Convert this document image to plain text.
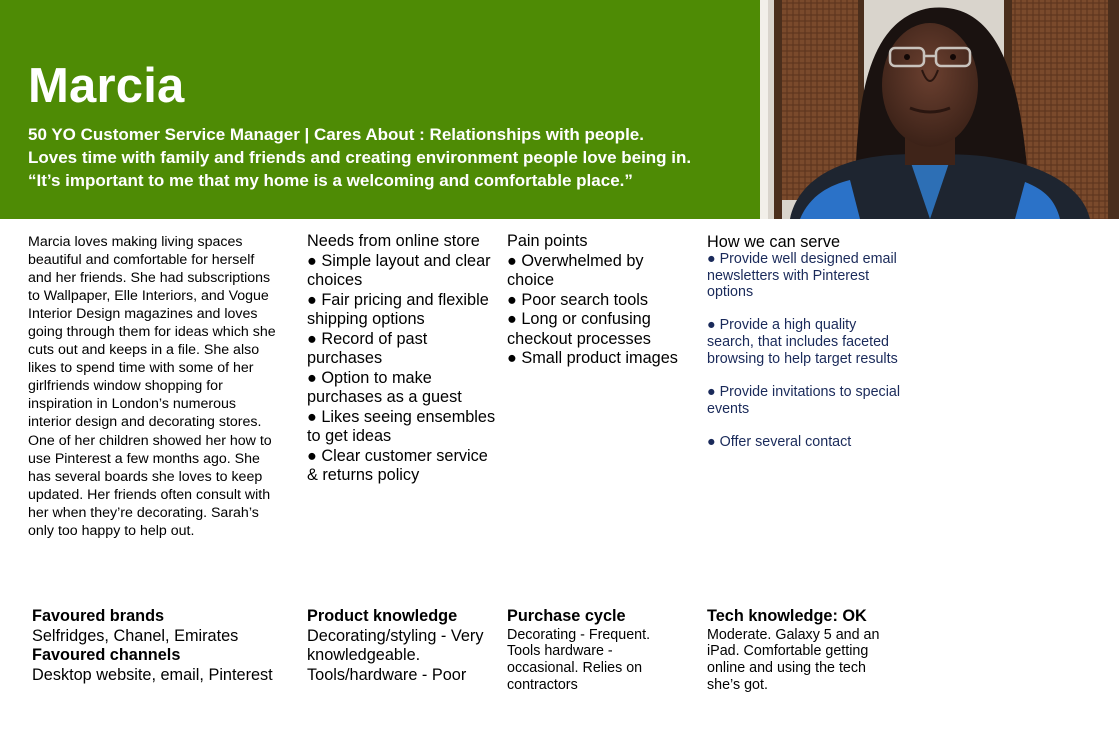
Marcia
50 YO Customer Service Manager | Cares About : Relationships with people.
Loves time with family and friends and creating environment people love being in.
“It’s important to me that my home is a welcoming and comfortable place.”
Marcia loves making living spaces beautiful and comfortable for herself and her friends. She had subscriptions to Wallpaper, Elle Interiors, and Vogue Interior Design magazines and loves going through them for ideas which she cuts out and keeps in a file. She also likes to spend time with some of her girlfriends window shopping for inspiration in London’s numerous interior design and decorating stores. One of her children showed her how to use Pinterest a few months ago. She has several boards she loves to keep updated. Her friends often consult with her when they’re decorating. Sarah’s only too happy to help out.
Needs from online store
● Simple layout and clear choices
● Fair pricing and flexible shipping options
● Record of past purchases
● Option to make purchases as a guest
● Likes seeing ensembles to get ideas
● Clear customer service & returns policy
Pain points
● Overwhelmed by choice
● Poor search tools
● Long or confusing checkout processes
● Small product images
How we can serve
● Provide well designed email newsletters with Pinterest options
● Provide a high quality search, that includes faceted browsing to help target results
● Provide invitations to special events
● Offer several contact
Favoured brands
Selfridges, Chanel, Emirates
Favoured channels
Desktop website, email, Pinterest
Product knowledge
Decorating/styling - Very knowledgeable. Tools/hardware - Poor
Purchase cycle
Decorating - Frequent. Tools hardware - occasional. Relies on contractors
Tech knowledge: OK
Moderate. Galaxy 5 and an iPad. Comfortable getting online and using the tech she’s got.
